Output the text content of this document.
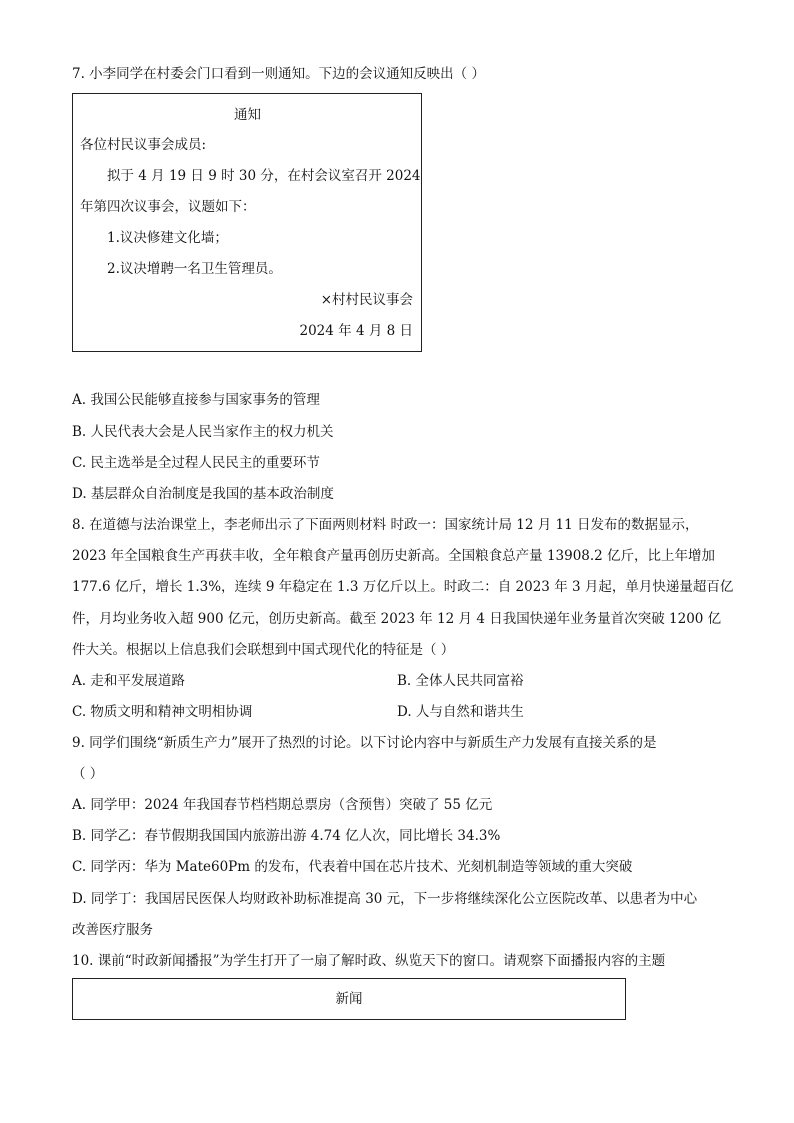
7. 小李同学在村委会门口看到一则通知。下边的会议通知反映出（ ）
通知
各位村民议事会成员:
拟于 4 月 19 日 9 时 30 分，在村会议室召开 2024
年第四次议事会，议题如下：
1.议决修建文化墙；
2.议决增聘一名卫生管理员。
×村村民议事会
2024 年 4 月 8 日
A. 我国公民能够直接参与国家事务的管理
B. 人民代表大会是人民当家作主的权力机关
C. 民主选举是全过程人民民主的重要环节
D. 基层群众自治制度是我国的基本政治制度
8. 在道德与法治课堂上，李老师出示了下面两则材料 时政一：国家统计局 12 月 11 日发布的数据显示，
2023 年全国粮食生产再获丰收，全年粮食产量再创历史新高。全国粮食总产量 13908.2 亿斤，比上年增加
177.6 亿斤，增长 1.3%，连续 9 年稳定在 1.3 万亿斤以上。时政二：自 2023 年 3 月起，单月快递量超百亿
件，月均业务收入超 900 亿元，创历史新高。截至 2023 年 12 月 4 日我国快递年业务量首次突破 1200 亿
件大关。根据以上信息我们会联想到中国式现代化的特征是（ ）
A. 走和平发展道路	B. 全体人民共同富裕
C. 物质文明和精神文明相协调	D. 人与自然和谐共生
9. 同学们围绕“新质生产力”展开了热烈的讨论。以下讨论内容中与新质生产力发展有直接关系的是
（ ）
A. 同学甲：2024 年我国春节档档期总票房（含预售）突破了 55 亿元
B. 同学乙：春节假期我国国内旅游出游 4.74 亿人次，同比增长 34.3%
C. 同学丙：华为 Mate60Pm 的发布，代表着中国在芯片技术、光刻机制造等领域的重大突破
D. 同学丁：我国居民医保人均财政补助标准提高 30 元，下一步将继续深化公立医院改革、以患者为中心
改善医疗服务
10. 课前“时政新闻播报”为学生打开了一扇了解时政、纵览天下的窗口。请观察下面播报内容的主题
新闻
